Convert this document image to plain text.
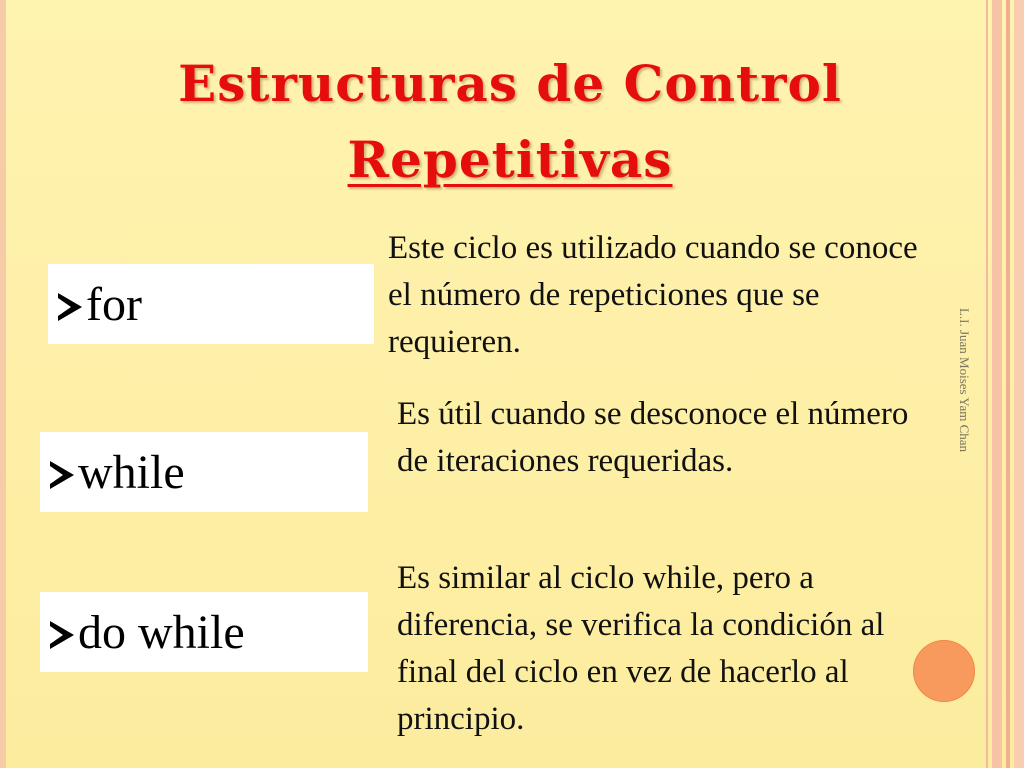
Estructuras de Control
Repetitivas
for

Este ciclo es utilizado cuando se conoce el número de repeticiones que se requieren.

while

Es útil cuando se desconoce el número de iteraciones requeridas.

do while

Es similar al ciclo while, pero a diferencia, se verifica la condición al final del ciclo en vez de hacerlo al principio.

L.I. Juan Moises Yam Chan
